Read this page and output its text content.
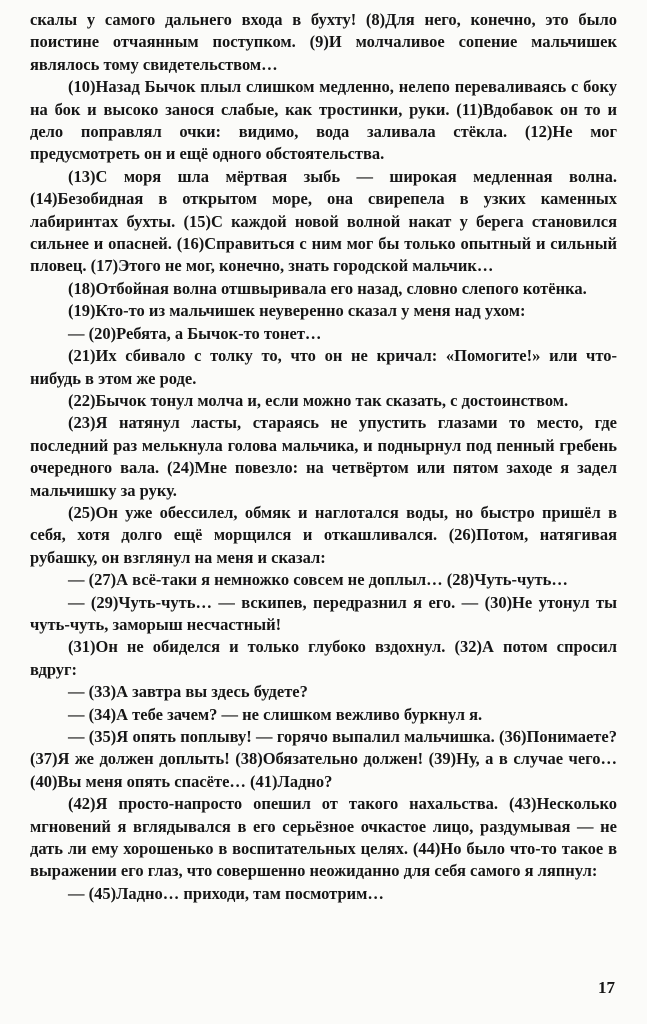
скалы у самого дальнего входа в бухту! (8)Для него, конечно, это было поистине отчаянным поступком. (9)И молчаливое сопение мальчишек являлось тому свидетельством…

(10)Назад Бычок плыл слишком медленно, нелепо переваливаясь с боку на бок и высоко занося слабые, как тростинки, руки. (11)Вдобавок он то и дело поправлял очки: видимо, вода заливала стёкла. (12)Не мог предусмотреть он и ещё одного обстоятельства.

(13)С моря шла мёртвая зыбь — широкая медленная волна. (14)Безобидная в открытом море, она свирепела в узких каменных лабиринтах бухты. (15)С каждой новой волной накат у берега становился сильнее и опасней. (16)Справиться с ним мог бы только опытный и сильный пловец. (17)Этого не мог, конечно, знать городской мальчик…

(18)Отбойная волна отшвыривала его назад, словно слепого котёнка.

(19)Кто-то из мальчишек неуверенно сказал у меня над ухом:

— (20)Ребята, а Бычок-то тонет…

(21)Их сбивало с толку то, что он не кричал: «Помогите!» или что-нибудь в этом же роде.

(22)Бычок тонул молча и, если можно так сказать, с достоинством.

(23)Я натянул ласты, стараясь не упустить глазами то место, где последний раз мелькнула голова мальчика, и поднырнул под пенный гребень очередного вала. (24)Мне повезло: на четвёртом или пятом заходе я задел мальчишку за руку.

(25)Он уже обессилел, обмяк и наглотался воды, но быстро пришёл в себя, хотя долго ещё морщился и откашливался. (26)Потом, натягивая рубашку, он взглянул на меня и сказал:

— (27)А всё-таки я немножко совсем не доплыл… (28)Чуть-чуть…

— (29)Чуть-чуть… — вскипев, передразнил я его. — (30)Не утонул ты чуть-чуть, заморыш несчастный!

(31)Он не обиделся и только глубоко вздохнул. (32)А потом спросил вдруг:

— (33)А завтра вы здесь будете?

— (34)А тебе зачем? — не слишком вежливо буркнул я.

— (35)Я опять поплыву! — горячо выпалил мальчишка. (36)Понимаете? (37)Я же должен доплыть! (38)Обязательно должен! (39)Ну, а в случае чего… (40)Вы меня опять спасёте… (41)Ладно?

(42)Я просто-напросто опешил от такого нахальства. (43)Несколько мгновений я вглядывался в его серьёзное очкастое лицо, раздумывая — не дать ли ему хорошенько в воспитательных целях. (44)Но было что-то такое в выражении его глаз, что совершенно неожиданно для себя самого я ляпнул:

— (45)Ладно… приходи, там посмотрим…

17
